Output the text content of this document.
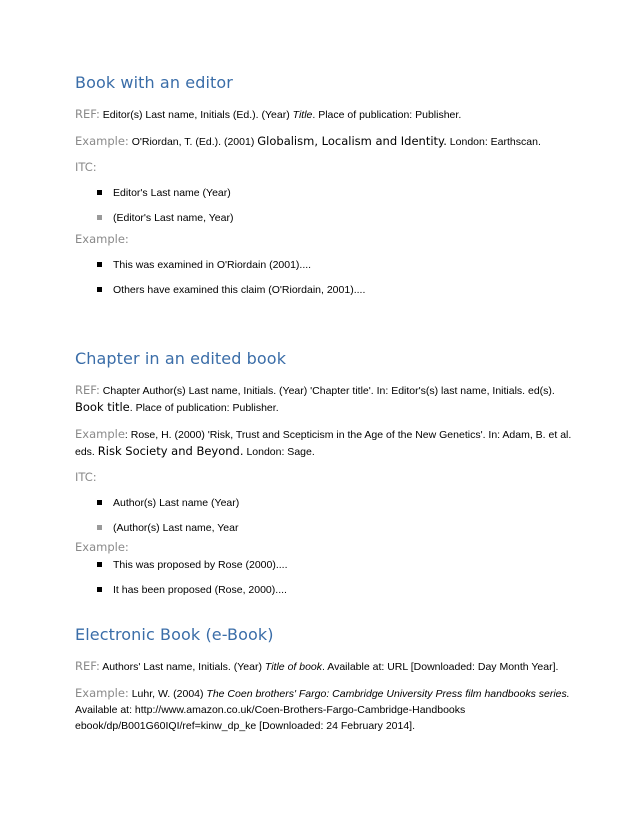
Book with an editor

REF: Editor(s) Last name, Initials (Ed.). (Year) Title. Place of publication: Publisher.

Example: O'Riordan, T. (Ed.). (2001) Globalism, Localism and Identity. London: Earthscan.

ITC:

Editor's Last name (Year)
(Editor's Last name, Year)

Example:

This was examined in O'Riordain (2001)....
Others have examined this claim (O'Riordain, 2001)....
Chapter in an edited book

REF: Chapter Author(s) Last name, Initials. (Year) 'Chapter title'. In: Editor's(s) last name, Initials. ed(s). Book title. Place of publication: Publisher.

Example: Rose, H. (2000) 'Risk, Trust and Scepticism in the Age of the New Genetics'. In: Adam, B. et al. eds. Risk Society and Beyond. London: Sage.

ITC:

Author(s) Last name (Year)
(Author(s) Last name, Year

Example:

This was proposed by Rose (2000)....
It has been proposed (Rose, 2000)....
Electronic Book (e-Book)

REF: Authors' Last name, Initials. (Year) Title of book. Available at: URL [Downloaded: Day Month Year].

Example: Luhr, W. (2004) The Coen brothers' Fargo: Cambridge University Press film handbooks series.

Available at: http://www.amazon.co.uk/Coen-Brothers-Fargo-Cambridge-Handbooks

ebook/dp/B001G60IQI/ref=kinw_dp_ke [Downloaded: 24 February 2014].
